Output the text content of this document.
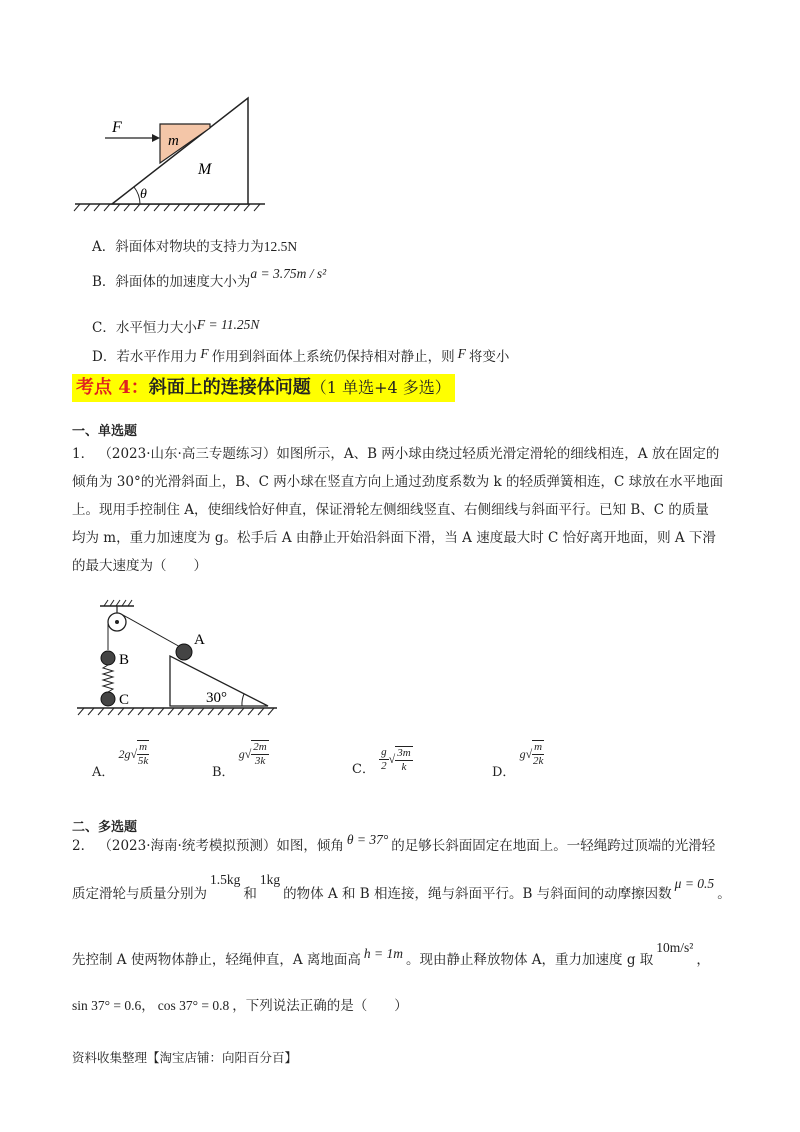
F
m
M
θ
A．斜面体对物块的支持力为12.5N
B．斜面体的加速度大小为a = 3.75m / s²
C．水平恒力大小F = 11.25N
D．若水平作用力 F 作用到斜面体上系统仍保持相对静止，则 F 将变小
考点 4：斜面上的连接体问题（1 单选+4 多选）
一、单选题
1． （2023·山东·高三专题练习）如图所示，A、B 两小球由绕过轻质光滑定滑轮的细线相连，A 放在固定的
倾角为 30°的光滑斜面上，B、C 两小球在竖直方向上通过劲度系数为 k 的轻质弹簧相连，C 球放在水平地面
上。现用手控制住 A，使细线恰好伸直，保证滑轮左侧细线竖直、右侧细线与斜面平行。已知 B、C 的质量
均为 m，重力加速度为 g。松手后 A 由静止开始沿斜面下滑，当 A 速度最大时 C 恰好离开地面，则 A 下滑
的最大速度为（　　）
A
B
C	30°
A．
2g √ $\frac{m}{5k}$
B．
g √ $\frac{2m}{3k}$
C． $\frac{g}{2}$ √ $\frac{3m}{k}$	D．
g √ $\frac{m}{2k}$
二、多选题
2． （2023·海南·统考模拟预测）如图，倾角 θ = 37° 的足够长斜面固定在地面上。一轻绳跨过顶端的光滑轻
质定滑轮与质量分别为1.5kg和1kg的物体 A 和 B 相连接，绳与斜面平行。B 与斜面间的动摩擦因数μ = 0.5。
先控制 A 使两物体静止，轻绳伸直，A 离地面高 h = 1m 。现由静止释放物体 A，重力加速度 g 取10m/s²，
sin 37° = 0.6， cos 37° = 0.8 ，下列说法正确的是（　　）
资料收集整理【淘宝店铺：向阳百分百】
